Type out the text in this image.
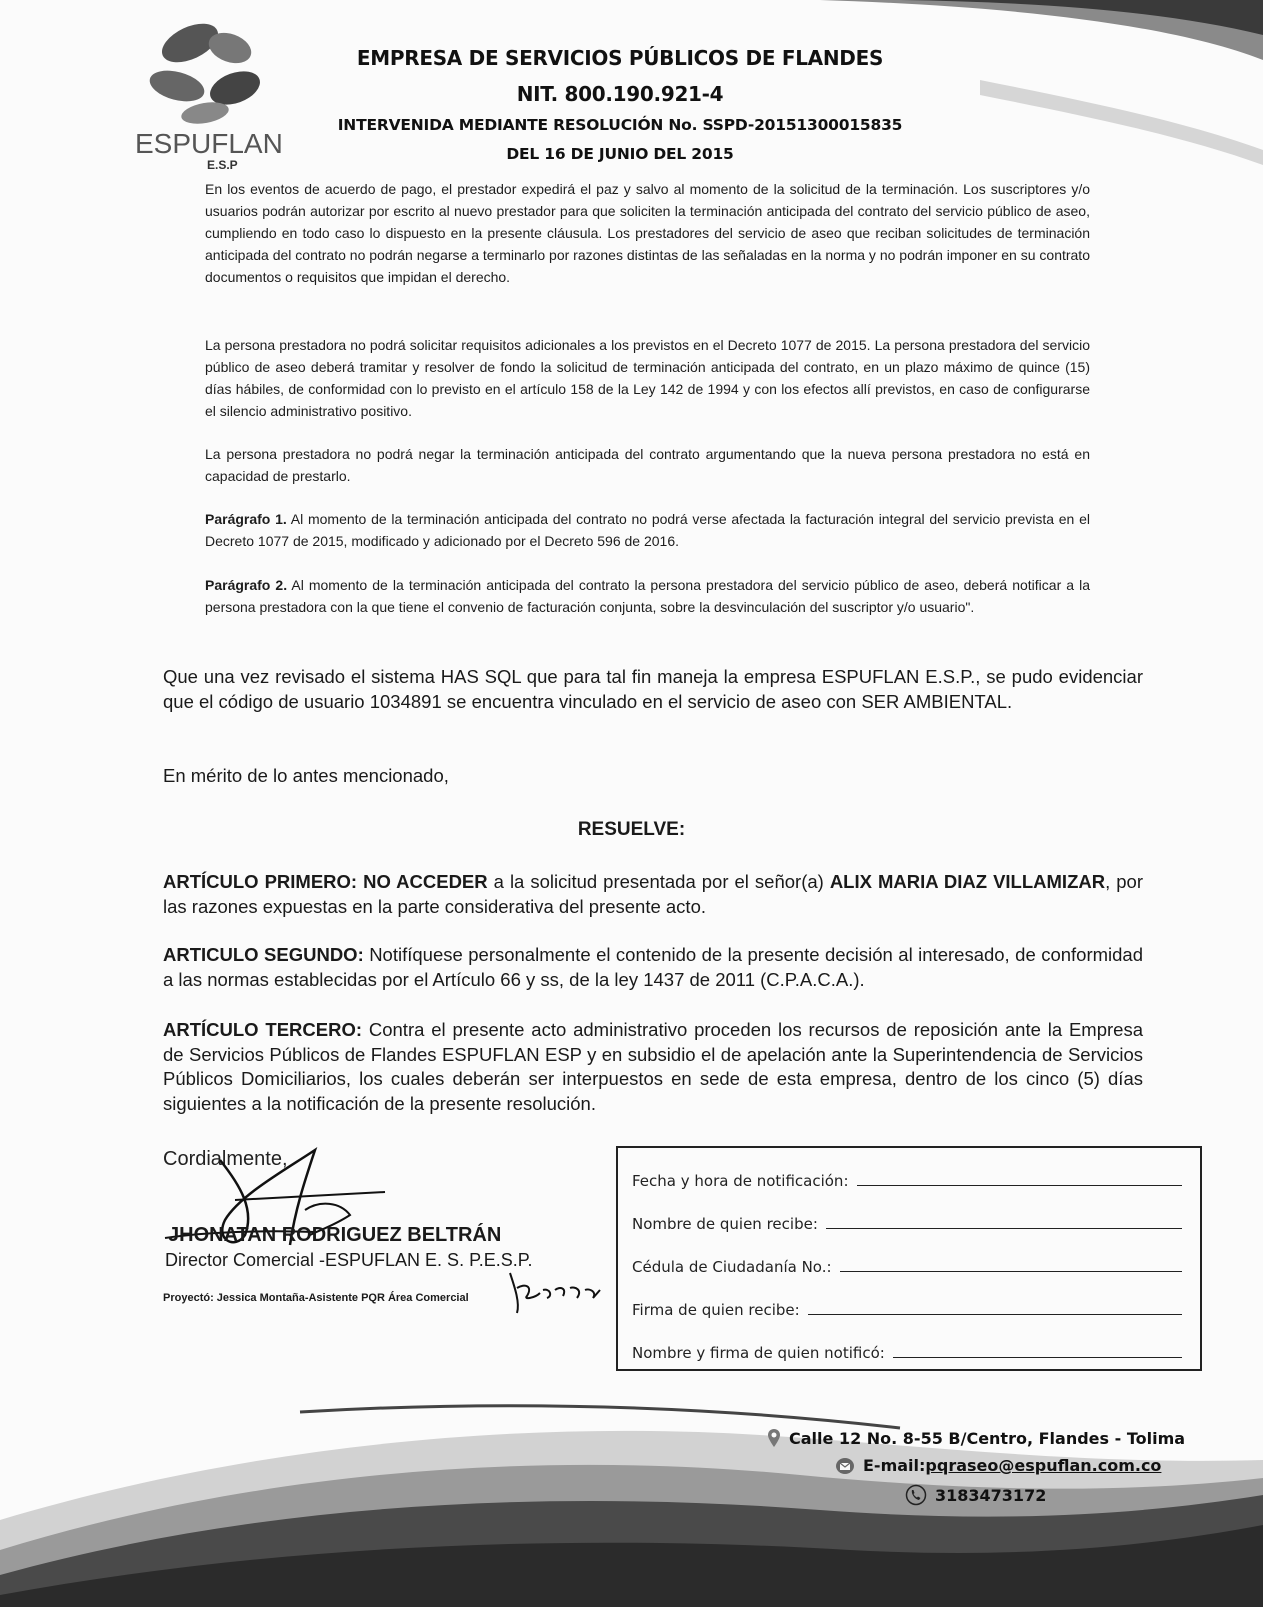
ESPUFLAN
E.S.P
EMPRESA DE SERVICIOS PÚBLICOS DE FLANDES
NIT. 800.190.921-4
INTERVENIDA MEDIANTE RESOLUCIÓN No. SSPD-20151300015835
DEL 16 DE JUNIO DEL 2015

En los eventos de acuerdo de pago, el prestador expedirá el paz y salvo al momento de la solicitud de la terminación. Los suscriptores y/o usuarios podrán autorizar por escrito al nuevo prestador para que soliciten la terminación anticipada del contrato del servicio público de aseo, cumpliendo en todo caso lo dispuesto en la presente cláusula. Los prestadores del servicio de aseo que reciban solicitudes de terminación anticipada del contrato no podrán negarse a terminarlo por razones distintas de las señaladas en la norma y no podrán imponer en su contrato documentos o requisitos que impidan el derecho.

La persona prestadora no podrá solicitar requisitos adicionales a los previstos en el Decreto 1077 de 2015. La persona prestadora del servicio público de aseo deberá tramitar y resolver de fondo la solicitud de terminación anticipada del contrato, en un plazo máximo de quince (15) días hábiles, de conformidad con lo previsto en el artículo 158 de la Ley 142 de 1994 y con los efectos allí previstos, en caso de configurarse el silencio administrativo positivo.

La persona prestadora no podrá negar la terminación anticipada del contrato argumentando que la nueva persona prestadora no está en capacidad de prestarlo.

Parágrafo 1. Al momento de la terminación anticipada del contrato no podrá verse afectada la facturación integral del servicio prevista en el Decreto 1077 de 2015, modificado y adicionado por el Decreto 596 de 2016.

Parágrafo 2. Al momento de la terminación anticipada del contrato la persona prestadora del servicio público de aseo, deberá notificar a la persona prestadora con la que tiene el convenio de facturación conjunta, sobre la desvinculación del suscriptor y/o usuario".

Que una vez revisado el sistema HAS SQL que para tal fin maneja la empresa ESPUFLAN E.S.P., se pudo evidenciar que el código de usuario 1034891 se encuentra vinculado en el servicio de aseo con SER AMBIENTAL.

En mérito de lo antes mencionado,

RESUELVE:

ARTÍCULO PRIMERO: NO ACCEDER a la solicitud presentada por el señor(a) ALIX MARIA DIAZ VILLAMIZAR, por las razones expuestas en la parte considerativa del presente acto.

ARTICULO SEGUNDO: Notifíquese personalmente el contenido de la presente decisión al interesado, de conformidad a las normas establecidas por el Artículo 66 y ss, de la ley 1437 de 2011 (C.P.A.C.A.).

ARTÍCULO TERCERO: Contra el presente acto administrativo proceden los recursos de reposición ante la Empresa de Servicios Públicos de Flandes ESPUFLAN ESP y en subsidio el de apelación ante la Superintendencia de Servicios Públicos Domiciliarios, los cuales deberán ser interpuestos en sede de esta empresa, dentro de los cinco (5) días siguientes a la notificación de la presente resolución.

Cordialmente,
JHONATAN RODRIGUEZ BELTRÁN
Director Comercial -ESPUFLAN E. S. P.E.S.P.
Proyectó: Jessica Montaña-Asistente PQR Área Comercial
Fecha y hora de notificación:
Nombre de quien recibe:
Cédula de Ciudadanía No.:
Firma de quien recibe:
Nombre y firma de quien notificó:
Calle 12 No. 8-55 B/Centro, Flandes - Tolima
E-mail: pqraseo@espuflan.com.co
3183473172
